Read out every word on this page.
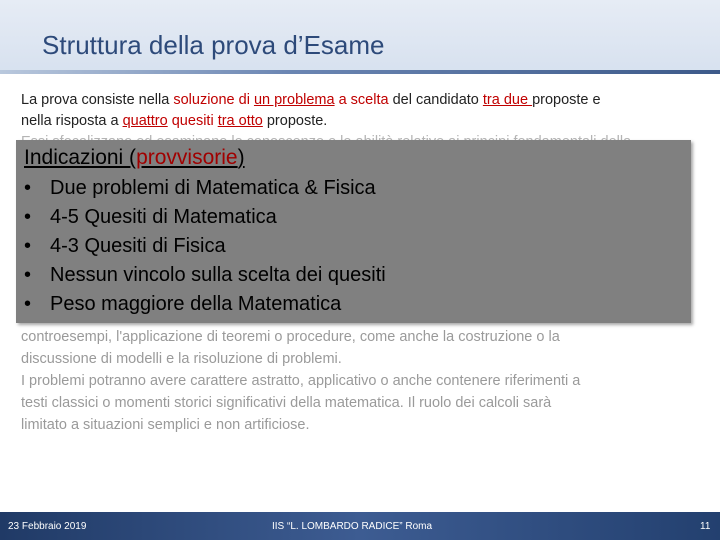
Struttura della prova d’Esame

La prova consiste nella soluzione di un problema a scelta del candidato tra due proposte e

nella risposta a quattro quesiti tra otto proposte.

Indicazioni (provvisorie)
• Due problemi di Matematica & Fisica
• 4-5 Quesiti di Matematica
• 4-3 Quesiti di Fisica
• Nessun vincolo sulla scelta dei quesiti
• Peso maggiore della Matematica

controesempi, l'applicazione di teoremi o procedure, come anche la costruzione o la

discussione di modelli e la risoluzione di problemi.

I problemi potranno avere carattere astratto, applicativo o anche contenere riferimenti a

testi classici o momenti storici significativi della matematica. Il ruolo dei calcoli sarà

limitato a situazioni semplici e non artificiose.

23 Febbraio 2019	IIS “L. LOMBARDO RADICE” Roma	11
